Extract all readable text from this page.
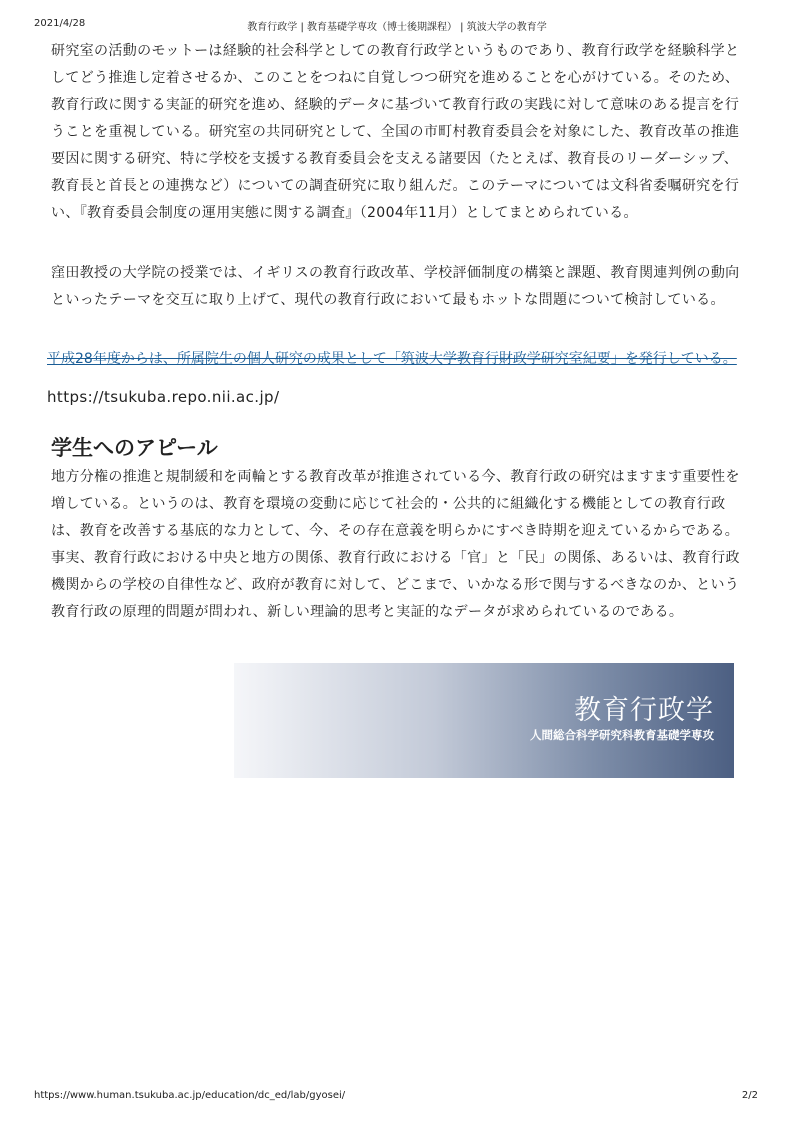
2021/4/28	教育行政学 | 教育基礎学専攻（博士後期課程） | 筑波大学の教育学

研究室の活動のモットーは経験的社会科学としての教育行政学というものであり、教育行政学を経験科学としてどう推進し定着させるか、このことをつねに自覚しつつ研究を進めることを心がけている。そのため、教育行政に関する実証的研究を進め、経験的データに基づいて教育行政の実践に対して意味のある提言を行うことを重視している。研究室の共同研究として、全国の市町村教育委員会を対象にした、教育改革の推進要因に関する研究、特に学校を支援する教育委員会を支える諸要因（たとえば、教育長のリーダーシップ、教育長と首長との連携など）についての調査研究に取り組んだ。このテーマについては文科省委嘱研究を行い、『教育委員会制度の運用実態に関する調査』（2004年11月）としてまとめられている。

窪田教授の大学院の授業では、イギリスの教育行政改革、学校評価制度の構築と課題、教育関連判例の動向といったテーマを交互に取り上げて、現代の教育行政において最もホットな問題について検討している。

平成28年度からは、所属院生の個人研究の成果として「筑波大学教育行財政学研究室紀要」を発行している。
https://tsukuba.repo.nii.ac.jp/
学生へのアピール

地方分権の推進と規制緩和を両輪とする教育改革が推進されている今、教育行政の研究はますます重要性を増している。というのは、教育を環境の変動に応じて社会的・公共的に組織化する機能としての教育行政は、教育を改善する基底的な力として、今、その存在意義を明らかにすべき時期を迎えているからである。事実、教育行政における中央と地方の関係、教育行政における「官」と「民」の関係、あるいは、教育行政機関からの学校の自律性など、政府が教育に対して、どこまで、いかなる形で関与するべきなのか、という教育行政の原理的問題が問われ、新しい理論的思考と実証的なデータが求められているのである。

教育行政学
人間総合科学研究科教育基礎学専攻
https://www.human.tsukuba.ac.jp/education/dc_ed/lab/gyosei/	2/2
